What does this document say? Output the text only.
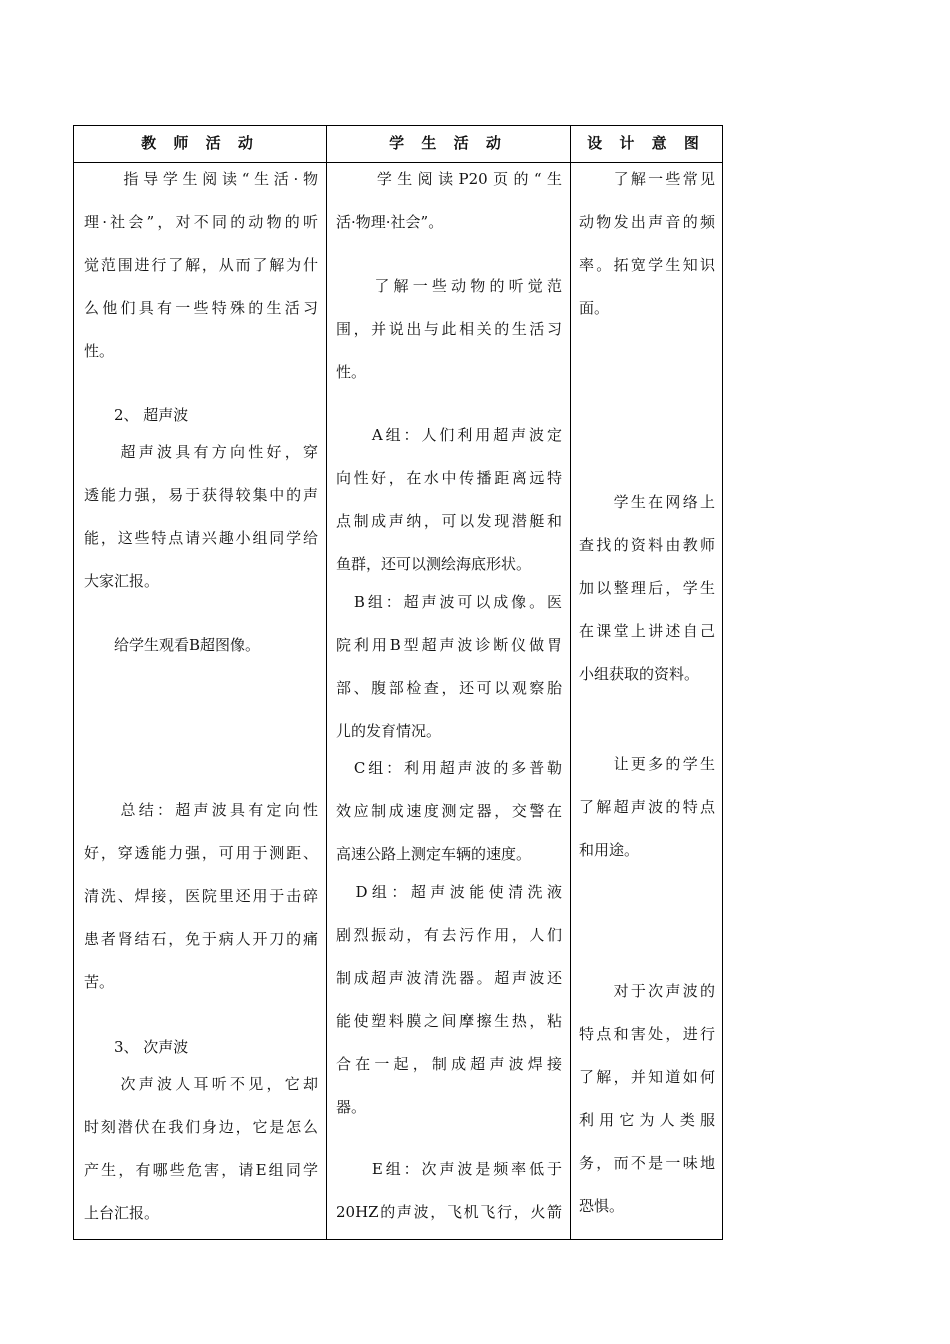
教 师 活 动	学 生 活 动	设 计 意 图
　　指导学生阅读“生活·物
理·社会”，对不同的动物的听
觉范围进行了解，从而了解为什
么他们具有一些特殊的生活习
性。
　　2、 超声波
　　超声波具有方向性好，穿
透能力强，易于获得较集中的声
能，这些特点请兴趣小组同学给
大家汇报。
　　给学生观看B超图像。
　　总结：超声波具有定向性
好，穿透能力强，可用于测距、
清洗、焊接，医院里还用于击碎
患者肾结石，免于病人开刀的痛
苦。
　　3、 次声波
　　次声波人耳听不见，它却
时刻潜伏在我们身边，它是怎么
产生，有哪些危害，请E组同学
上台汇报。
　　学生阅读P20页的“生
活·物理·社会”。
　　了解一些动物的听觉范
围，并说出与此相关的生活习
性。
　　A组：人们利用超声波定
向性好，在水中传播距离远特
点制成声纳，可以发现潜艇和
鱼群，还可以测绘海底形状。
　B组：超声波可以成像。医
院利用B型超声波诊断仪做胃
部、腹部检查，还可以观察胎
儿的发育情况。
　C组：利用超声波的多普勒
效应制成速度测定器，交警在
高速公路上测定车辆的速度。
　D组：超声波能使清洗液
剧烈振动，有去污作用，人们
制成超声波清洗器。超声波还
能使塑料膜之间摩擦生热，粘
合在一起，制成超声波焊接
器。
　　E组：次声波是频率低于
20HZ的声波，飞机飞行，火箭
　　了解一些常见
动物发出声音的频
率。拓宽学生知识
面。
　　学生在网络上
查找的资料由教师
加以整理后，学生
在课堂上讲述自己
小组获取的资料。
　　让更多的学生
了解超声波的特点
和用途。
　　对于次声波的
特点和害处，进行
了解，并知道如何
利用它为人类服
务，而不是一味地
恐惧。
